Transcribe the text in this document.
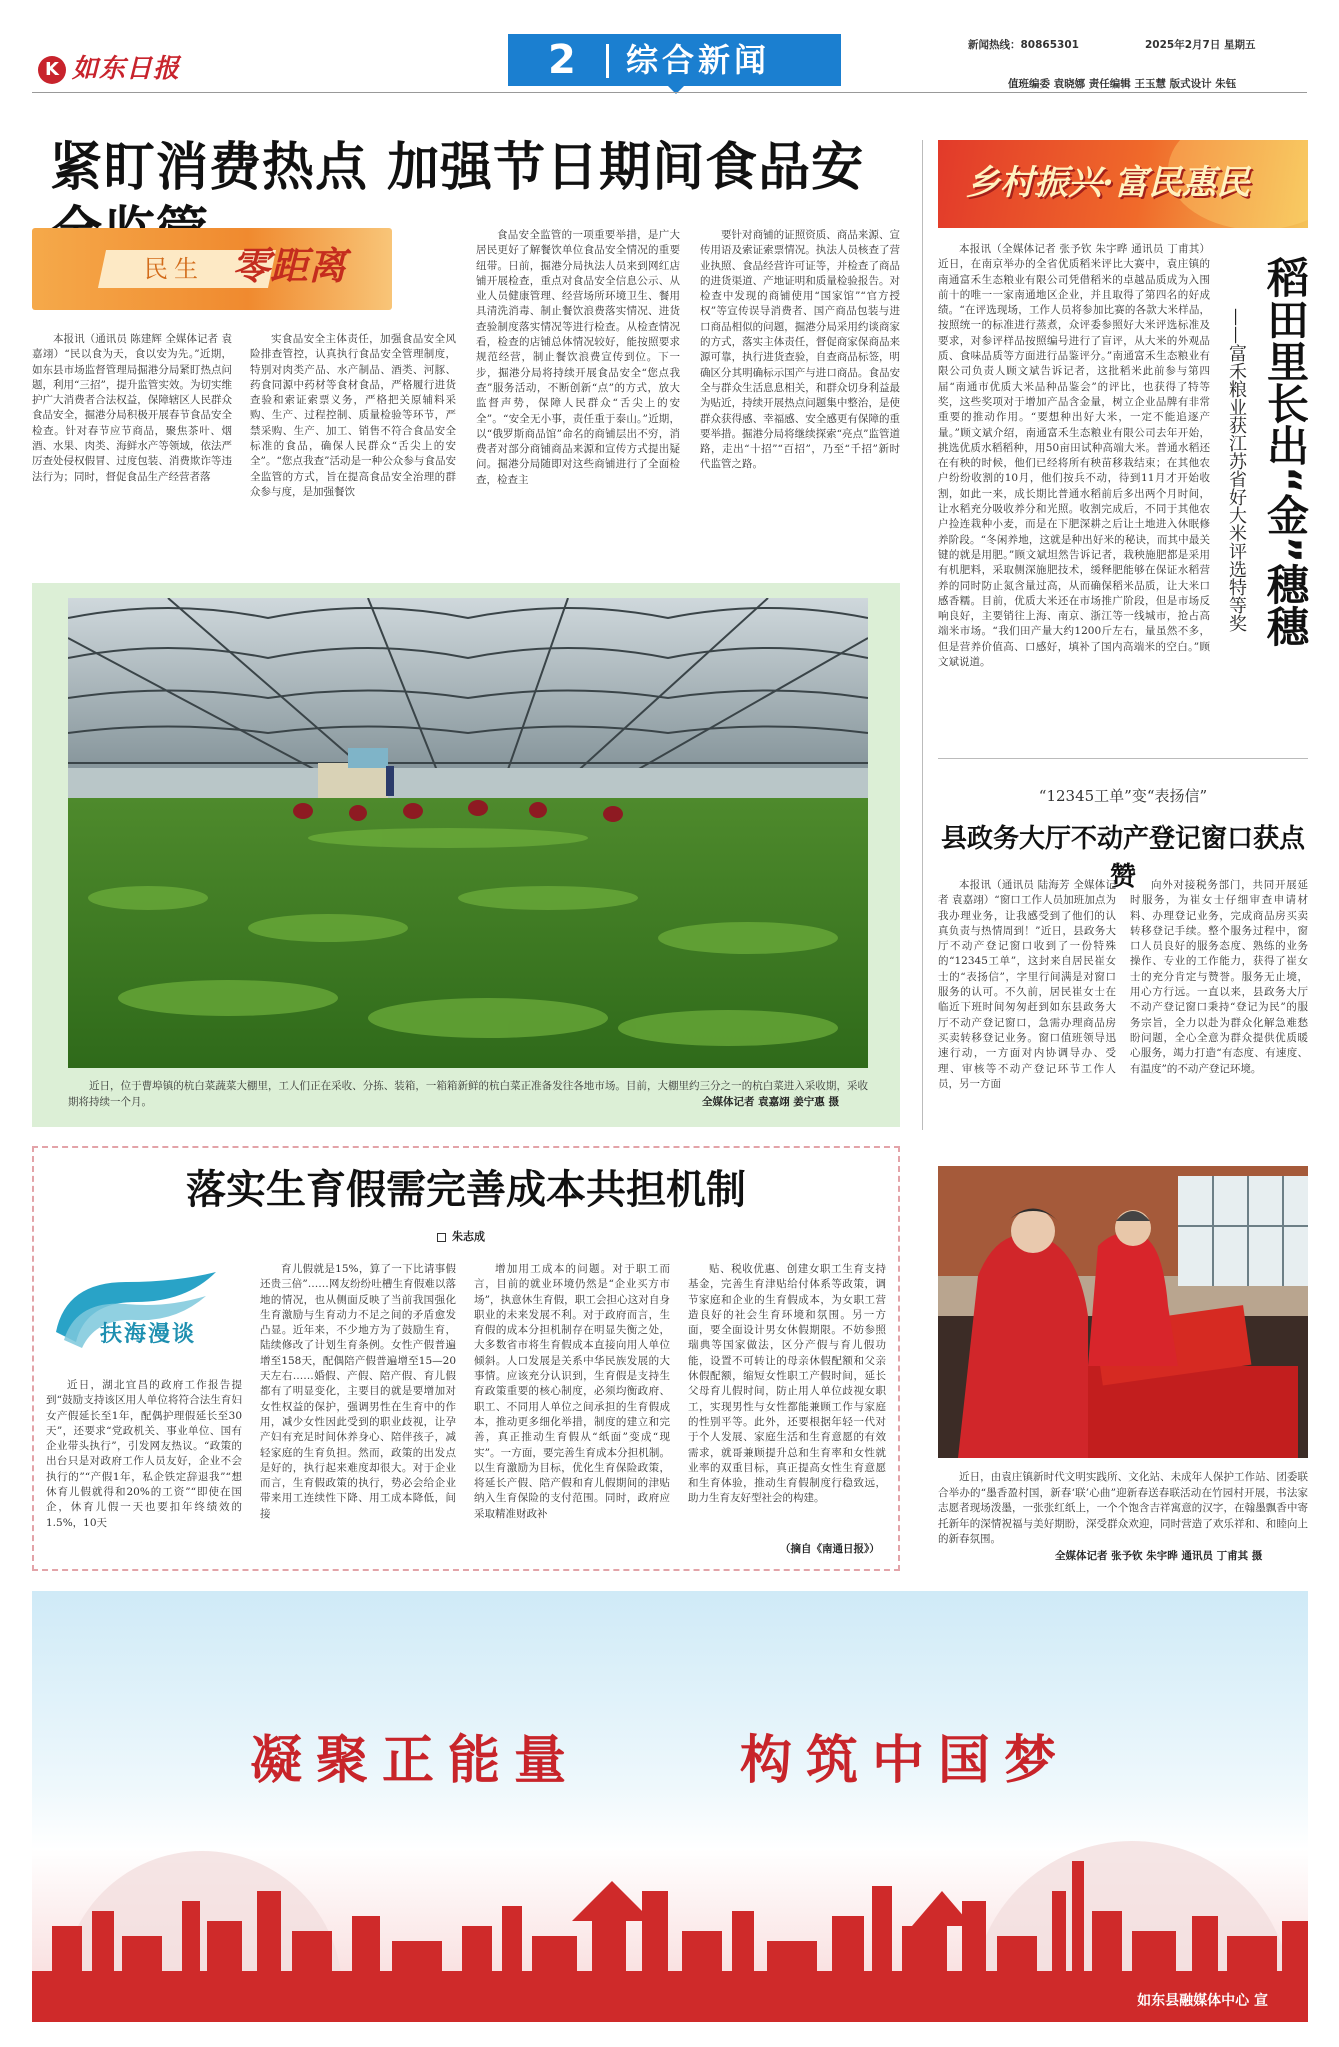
K 如东日报	2 综合新闻	新闻热线：80865301	2025年2月7日 星期五
值班编委 袁晓娜 责任编辑 王玉慧 版式设计 朱钰
紧盯消费热点 加强节日期间食品安
民生 零距离

本报讯（通讯员 陈建辉 全媒体记者 袁嘉翊）“民以食为天，食以安为先。”近期，如东县市场监督管理局掘港分局紧盯热点问题，利用“三招”，提升监管实效。为切实维护广大消费者合法权益，保障辖区人民群众食品安全，掘港分局积极开展春节食品安全检查。针对春节应节商品，聚焦茶叶、烟酒、水果、肉类、海鲜水产等领域，依法严厉查处侵权假冒、过度包装、消费欺诈等违法行为；同时，督促食品生产经营者落

实食品安全主体责任，加强食品安全风险排查管控，认真执行食品安全管理制度，特别对肉类产品、水产制品、酒类、河豚、药食同源中药材等食材食品，严格履行进货查验和索证索票义务，严格把关原辅料采购、生产、过程控制、质量检验等环节，严禁采购、生产、加工、销售不符合食品安全标准的食品，确保人民群众“舌尖上的安全”。“您点我查”活动是一种公众参与食品安全监管的方式，旨在提高食品安全治理的群众参与度，是加强餐饮

食品安全监管的一项重要举措，是广大居民更好了解餐饮单位食品安全情况的重要纽带。日前，掘港分局执法人员来到网红店铺开展检查，重点对食品安全信息公示、从业人员健康管理、经营场所环境卫生、餐用具清洗消毒、制止餐饮浪费落实情况、进货查验制度落实情况等进行检查。从检查情况看，检查的店铺总体情况较好，能按照要求规范经营，制止餐饮浪费宣传到位。下一步，掘港分局将持续开展食品安全“您点我查”服务活动，不断创新“点”的方式，放大监督声势，保障人民群众“舌尖上的安全”。“安全无小事，责任重于泰山。”近期，以“俄罗斯商品馆”命名的商铺层出不穷，消费者对部分商铺商品来源和宣传方式提出疑问。掘港分局随即对这些商铺进行了全面检查，检查主

要针对商铺的证照资质、商品来源、宣传用语及索证索票情况。执法人员核查了营业执照、食品经营许可证等，并检查了商品的进货渠道、产地证明和质量检验报告。对检查中发现的商铺使用“国家馆”“官方授权”等宣传误导消费者、国产商品包装与进口商品相似的问题，掘港分局采用约谈商家的方式，落实主体责任，督促商家保商品来源可靠，执行进货查验，自查商品标签，明确区分其明确标示国产与进口商品。食品安全与群众生活息息相关，和群众切身利益最为贴近，持续开展热点问题集中整治，是使群众获得感、幸福感、安全感更有保障的重要举措。掘港分局将继续探索“亮点”监管道路，走出“十招”“百招”，乃至“千招”新时代监管之路。

近日，位于曹埠镇的杭白菜蔬菜大棚里，工人们正在采收、分拣、装箱，一箱箱新鲜的杭白菜正准备发往各地市场。目前，大棚里约三分之一的杭白菜进入采收期，采收期将持续一个月。	全媒体记者 袁嘉翊 姜宁惠 摄
乡村振兴·富民惠民

本报讯（全媒体记者 张予钦 朱宇晔 通讯员 丁甫其）近日，在南京举办的全省优质稻米评比大赛中，袁庄镇的南通富禾生态粮业有限公司凭借稻米的卓越品质成为入围前十的唯一一家南通地区企业，并且取得了第四名的好成绩。“在评选现场，工作人员将参加比赛的各款大米样品，按照统一的标准进行蒸煮，众评委参照好大米评选标准及要求，对参评样品按照编号进行了盲评，从大米的外观品质、食味品质等方面进行品鉴评分。”南通富禾生态粮业有限公司负责人顾文斌告诉记者，这批稻米此前参与第四届“南通市优质大米品种品鉴会”的评比，也获得了特等奖，这些奖项对于增加产品含金量，树立企业品牌有非常重要的推动作用。“要想种出好大米，一定不能追逐产量。”顾文斌介绍，南通富禾生态粮业有限公司去年开始，挑选优质水稻稻种，用50亩田试种高端大米。普通水稻还在有秧的时候，他们已经将所有秧苗移栽结束；在其他农户纷纷收割的10月，他们按兵不动，待到11月才开始收割，如此一来，成长期比普通水稻前后多出两个月时间，让水稻充分吸收养分和光照。收割完成后，不同于其他农户捡连栽种小麦，而是在下肥深耕之后让土地进入休眠修养阶段。“冬闲养地，这就是种出好米的秘诀，而其中最关键的就是用肥。”顾文斌坦然告诉记者，栽秧施肥都是采用有机肥料，采取侧深施肥技术，缓释肥能够在保证水稻营养的同时防止氮含量过高，从而确保稻米品质，让大米口感香糯。目前，优质大米还在市场推广阶段，但是市场反响良好，主要销往上海、南京、浙江等一线城市，抢占高端米市场。“我们田产量大约1200斤左右，量虽然不多，但是营养价值高、口感好，填补了国内高端米的空白。”顾文斌说道。

稻田里长出“金”穗穗
——富禾粮业获江苏省好大米评选特等奖
“12345工单”变“表扬信”
县政务大厅不动产登记窗口获点赞

本报讯（通讯员 陆海芳 全媒体记者 袁嘉翊）“窗口工作人员加班加点为我办理业务，让我感受到了他们的认真负责与热情周到！”近日，县政务大厅不动产登记窗口收到了一份特殊的“12345工单”，这封来自居民崔女士的“表扬信”，字里行间满是对窗口服务的认可。不久前，居民崔女士在临近下班时间匆匆赶到如东县政务大厅不动产登记窗口，急需办理商品房买卖转移登记业务。窗口值班领导迅速行动，一方面对内协调导办、受理、审核等不动产登记环节工作人员，另一方面

向外对接税务部门，共同开展延时服务，为崔女士仔细审查申请材料、办理登记业务，完成商品房买卖转移登记手续。整个服务过程中，窗口人员良好的服务态度、熟练的业务操作、专业的工作能力，获得了崔女士的充分肯定与赞誉。服务无止境，用心方行远。一直以来，县政务大厅不动产登记窗口秉持“登记为民”的服务宗旨，全力以赴为群众化解急难愁盼问题，全心全意为群众提供优质暖心服务，竭力打造“有态度、有速度、有温度”的不动产登记环境。

落实生育假需完善成本共担机制
朱志成
扶海漫谈

近日，湖北宜昌的政府工作报告提到“鼓励支持该区用人单位将符合法生育妇女产假延长至1年，配偶护理假延长至30天”，还要求“党政机关、事业单位、国有企业带头执行”，引发网友热议。“政策的出台只是对政府工作人员友好，企业不会执行的”“产假1年，私企铁定辞退我”“想休育儿假就得和20%的工资”“即使在国企，休育儿假一天也要扣年终绩效的1.5%，10天

育儿假就是15%，算了一下比请事假还贵三倍”……网友纷纷吐槽生育假难以落地的情况，也从侧面反映了当前我国强化生育激励与生育动力不足之间的矛盾愈发凸显。近年来，不少地方为了鼓励生育，陆续修改了计划生育条例。女性产假普遍增至158天，配偶陪产假普遍增至15—20天左右……婚假、产假、陪产假、育儿假都有了明显变化，主要目的就是要增加对女性权益的保护，强调男性在生育中的作用，减少女性因此受到的职业歧视，让孕产妇有充足时间休养身心、陪伴孩子，减轻家庭的生育负担。然而，政策的出发点是好的，执行起来难度却很大。对于企业而言，生育假政策的执行，势必会给企业带来用工连续性下降、用工成本降低，间接

增加用工成本的问题。对于职工而言，目前的就业环境仍然是“企业买方市场”，执意休生育假，职工会担心这对自身职业的未来发展不利。对于政府而言，生育假的成本分担机制存在明显失衡之处，大多数省市将生育假成本直接向用人单位倾斜。人口发展是关系中华民族发展的大事情。应该充分认识到，生育假是支持生育政策重要的核心制度，必须均衡政府、职工、不同用人单位之间承担的生育假成本，推动更多细化举措，制度的建立和完善，真正推动生育假从“纸面”变成“现实”。一方面，要完善生育成本分担机制。以生育激励为目标，优化生育保险政策，将延长产假、陪产假和育儿假期间的津贴纳入生育保险的支付范围。同时，政府应采取精准财政补

贴、税收优惠、创建女职工生育支持基金，完善生育津贴给付体系等政策，调节家庭和企业的生育假成本，为女职工营造良好的社会生育环境和氛围。另一方面，要全面设计男女休假期限。不妨参照瑞典等国家做法，区分产假与育儿假功能，设置不可转让的母亲休假配额和父亲休假配额，缩短女性职工产假时间，延长父母育儿假时间，防止用人单位歧视女职工，实现男性与女性都能兼顾工作与家庭的性别平等。此外，还要根据年轻一代对于个人发展、家庭生活和生育意愿的有效需求，就哥兼顾提升总和生育率和女性就业率的双重目标，真正提高女性生育意愿和生育体验，推动生育假制度行稳致远，助力生育友好型社会的构建。

（摘自《南通日报》）
近日，由袁庄镇新时代文明实践所、文化站、未成年人保护工作站、团委联合举办的“墨香盈村国，新春‘联’心曲”迎新春送春联活动在竹园村开展，书法家志愿者现场泼墨，一张张红纸上，一个个饱含吉祥寓意的汉字，在翰墨飘香中寄托新年的深情祝福与美好期盼，深受群众欢迎，同时营造了欢乐祥和、和睦向上的新春氛围。
全媒体记者 张予钦 朱宇晔 通讯员 丁甫其 摄
凝聚正能量	构筑中国梦
如东县融媒体中心 宣
